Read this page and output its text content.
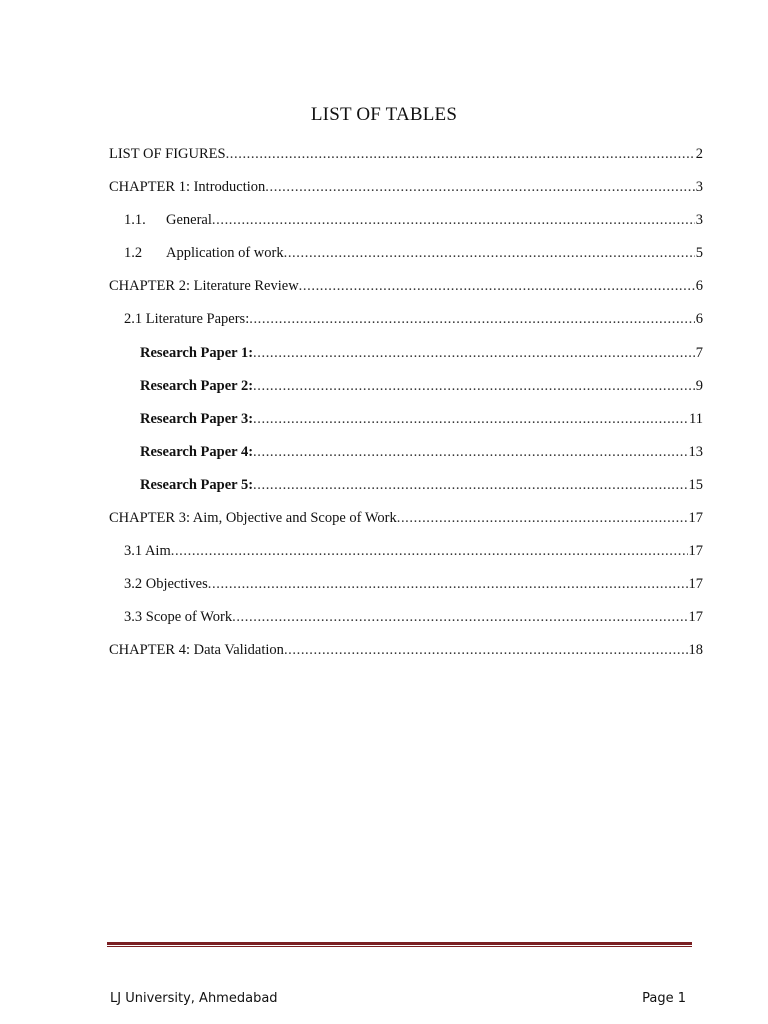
LIST OF TABLES
LIST OF FIGURES .....	2
CHAPTER 1: Introduction .....	3
1.1.	General .....	3
1.2	Application of work .....	5
CHAPTER 2: Literature Review .....	6
2.1 Literature Papers: .....	6
Research Paper 1: .....	7
Research Paper 2: .....	9
Research Paper 3: .....	11
Research Paper 4: .....	13
Research Paper 5: .....	15
CHAPTER 3: Aim, Objective and Scope of Work .....	17
3.1 Aim .....	17
3.2 Objectives .....	17
3.3 Scope of Work .....	17
CHAPTER 4: Data Validation .....	18
LJ University, Ahmedabad	Page 1
